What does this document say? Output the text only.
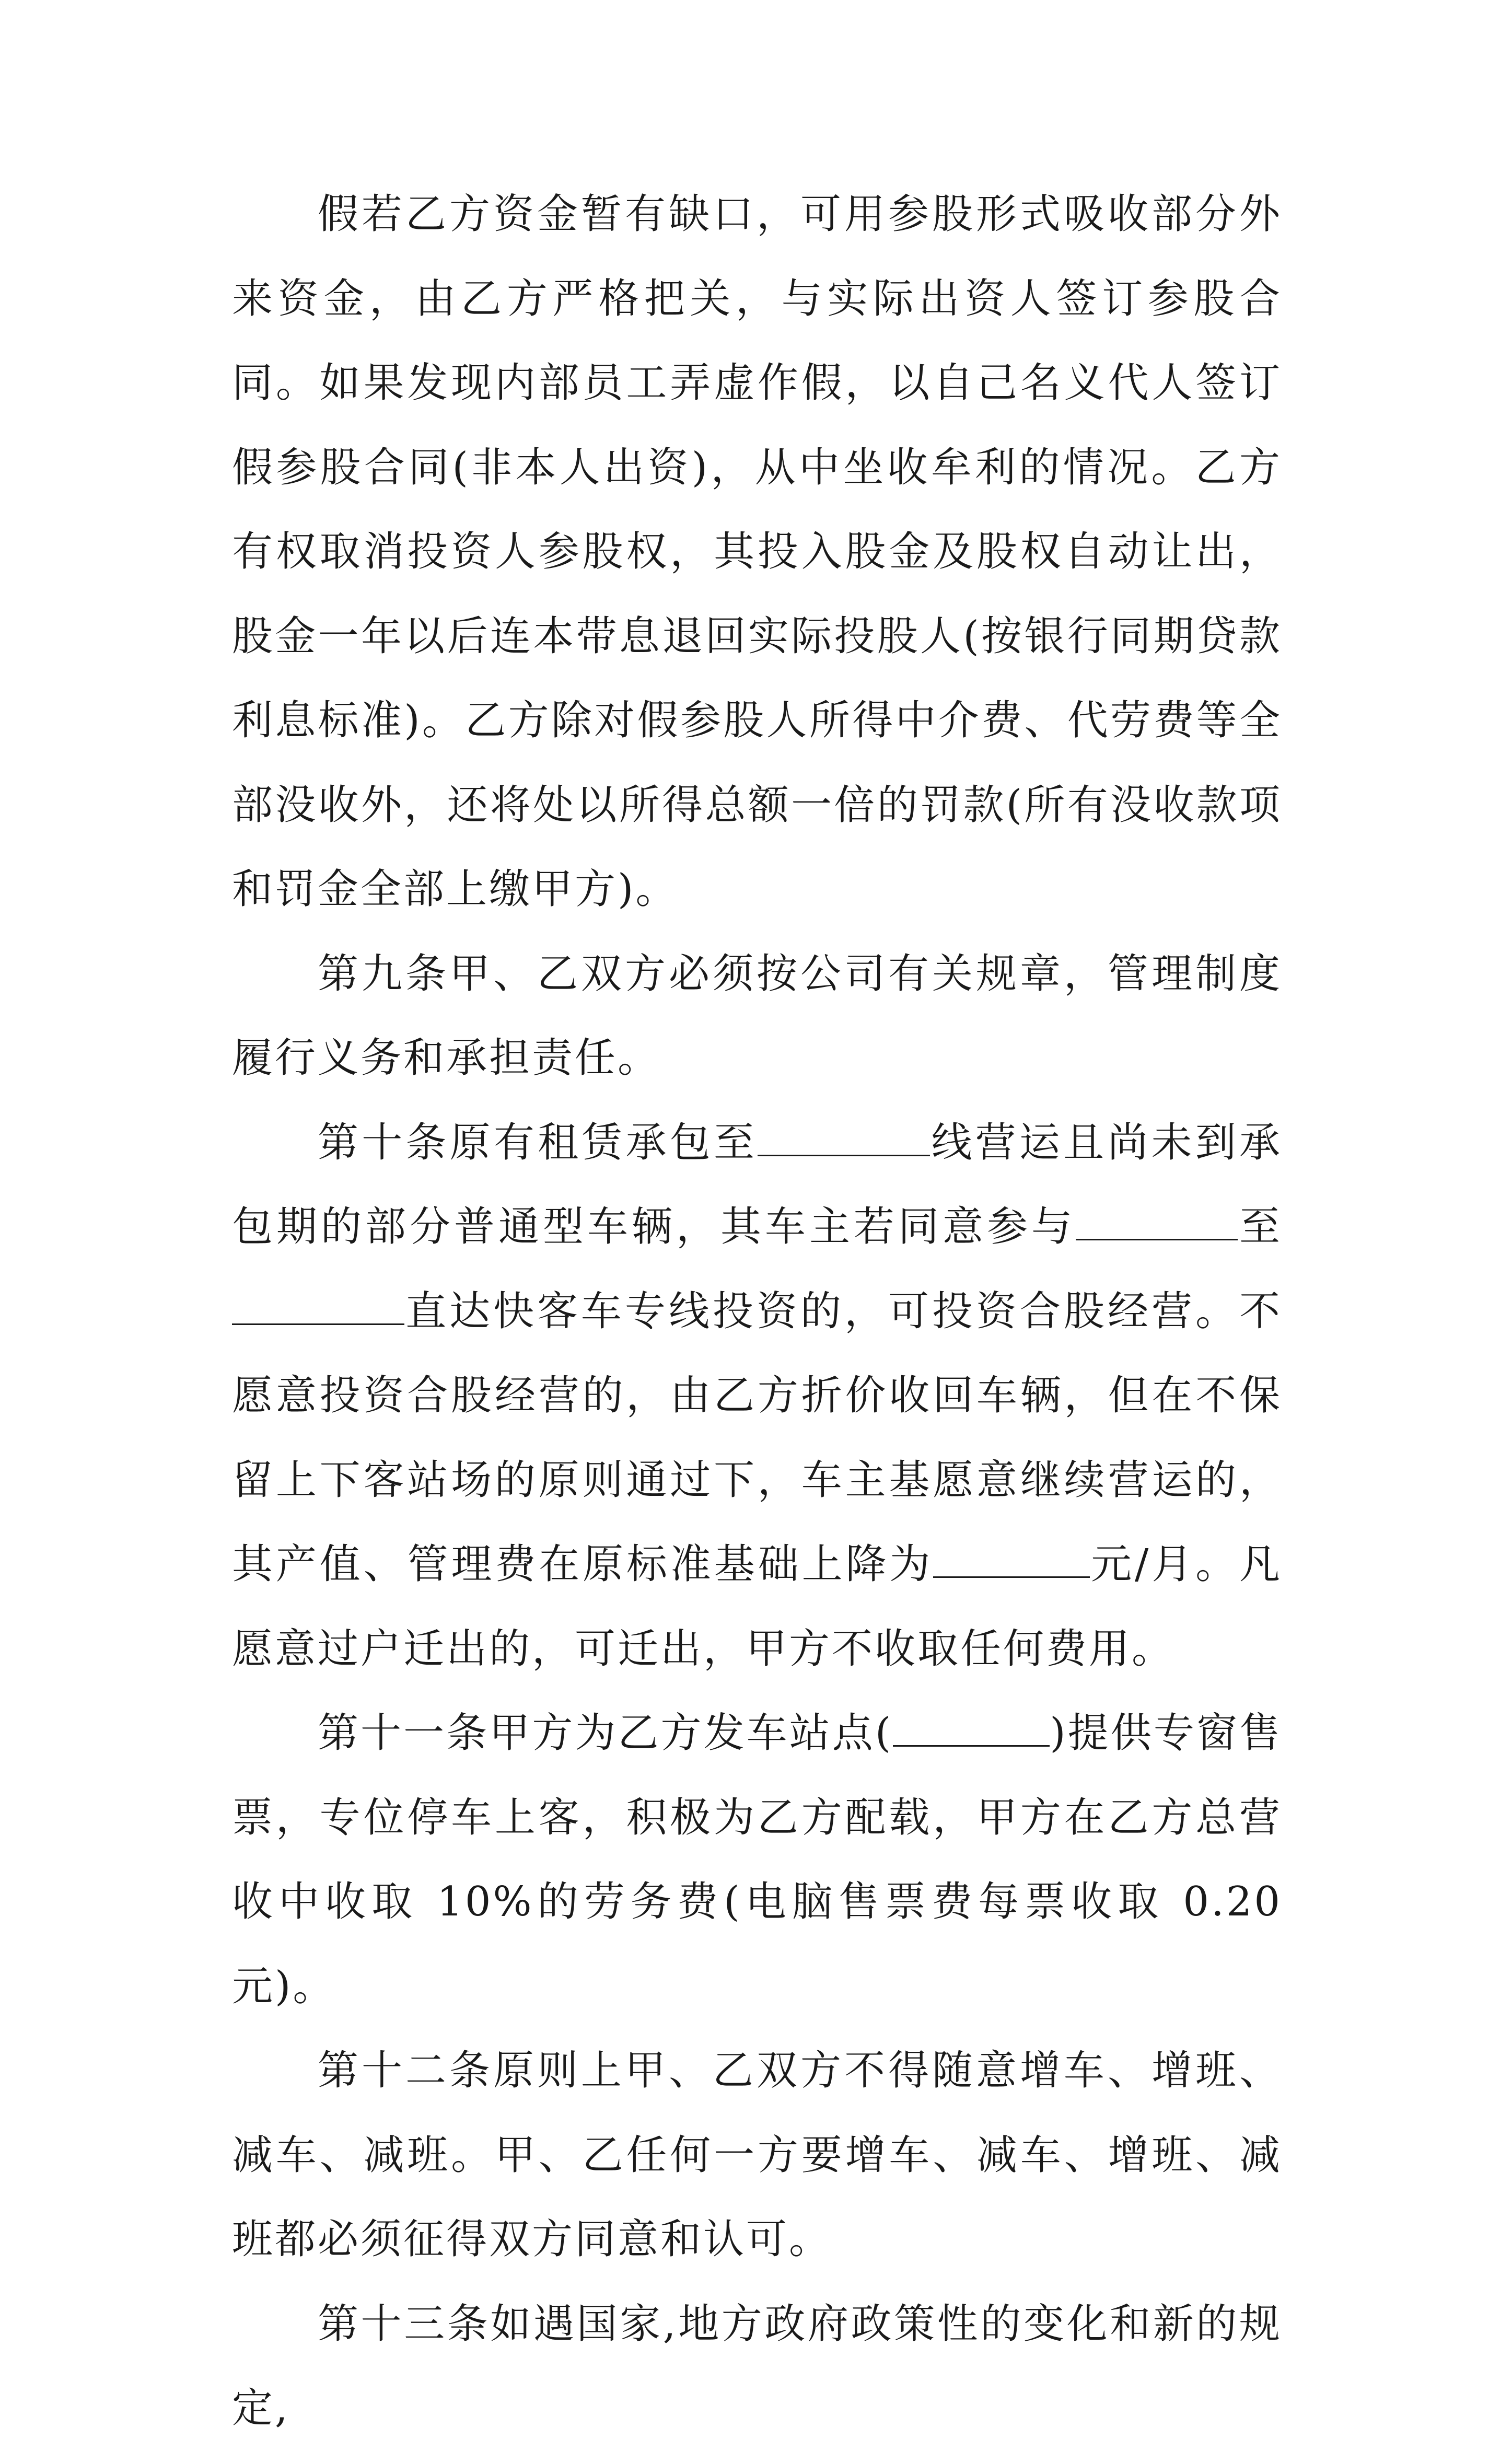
假若乙方资金暂有缺口，可用参股形式吸收部分外来资金，由乙方严格把关，与实际出资人签订参股合同。如果发现内部员工弄虚作假，以自己名义代人签订假参股合同(非本人出资)，从中坐收牟利的情况。乙方有权取消投资人参股权，其投入股金及股权自动让出，股金一年以后连本带息退回实际投股人(按银行同期贷款利息标准)。乙方除对假参股人所得中介费、代劳费等全部没收外，还将处以所得总额一倍的罚款(所有没收款项和罚金全部上缴甲方)。

第九条甲、乙双方必须按公司有关规章，管理制度履行义务和承担责任。

第十条原有租赁承包至	线营运且尚未到承包期的部分普通型车辆，其车主若同意参与	至直达快客车专线投资的，可投资合股经营。不愿意投资合股经营的，由乙方折价收回车辆，但在不保留上下客站场的原则通过下，车主基愿意继续营运的，其产值、管理费在原标准基础上降为	元/月。凡愿意过户迁出的，可迁出，甲方不收取任何费用。

第十一条甲方为乙方发车站点(	)提供专窗售票，专位停车上客，积极为乙方配载，甲方在乙方总营收中收取 10%的劳务费(电脑售票费每票收取 0.20 元)。

第十二条原则上甲、乙双方不得随意增车、增班、减车、减班。甲、乙任何一方要增车、减车、增班、减班都必须征得双方同意和认可。

第十三条如遇国家,地方政府政策性的变化和新的规定,
